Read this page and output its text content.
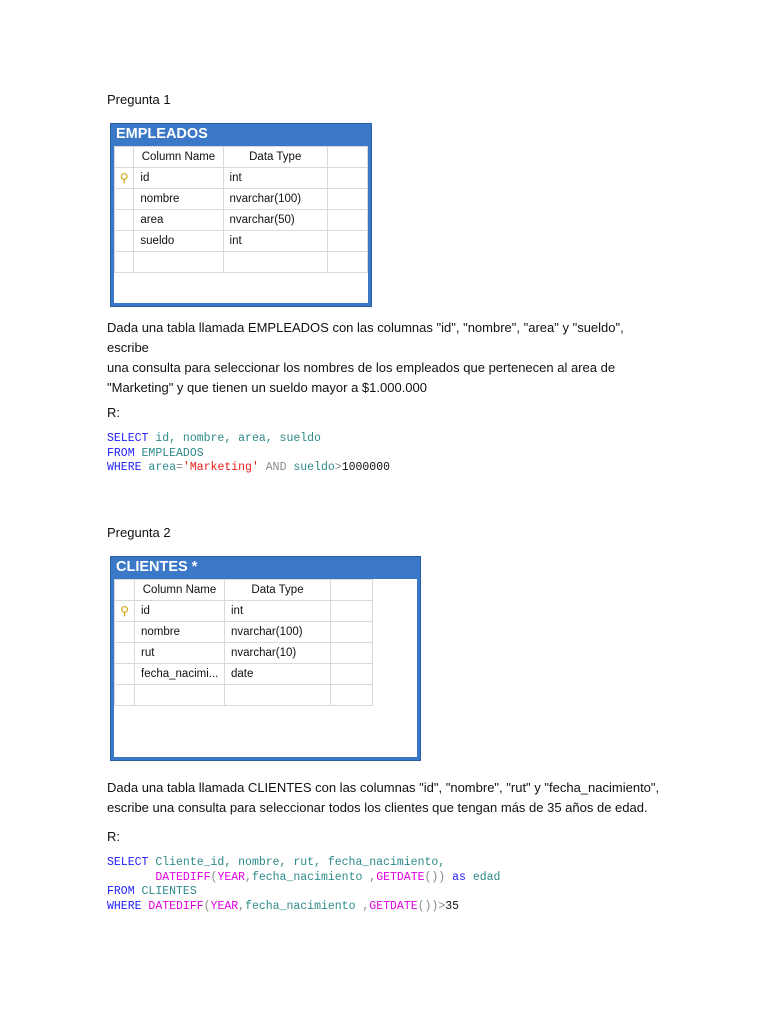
Pregunta 1
EMPLEADOS
	Column Name	Data Type	
⚲	id	int	
	nombre	nvarchar(100)	
	area	nvarchar(50)	
	sueldo	int	

Dada una tabla llamada EMPLEADOS con las columnas "id", "nombre", "area" y "sueldo", escribe
una consulta para seleccionar los nombres de los empleados que pertenecen al area de
"Marketing" y que tienen un sueldo mayor a $1.000.000
R:
SELECT id, nombre, area, sueldo
FROM EMPLEADOS
WHERE area='Marketing' AND sueldo>1000000
Pregunta 2
CLIENTES *
	Column Name	Data Type	
⚲	id	int	
	nombre	nvarchar(100)	
	rut	nvarchar(10)	
	fecha_nacimi...	date	

Dada una tabla llamada CLIENTES con las columnas "id", "nombre", "rut" y "fecha_nacimiento",
escribe una consulta para seleccionar todos los clientes que tengan más de 35 años de edad.
R:
SELECT Cliente_id, nombre, rut, fecha_nacimiento,
DATEDIFF(YEAR,fecha_nacimiento ,GETDATE()) as edad
FROM CLIENTES
WHERE DATEDIFF(YEAR,fecha_nacimiento ,GETDATE())>35
